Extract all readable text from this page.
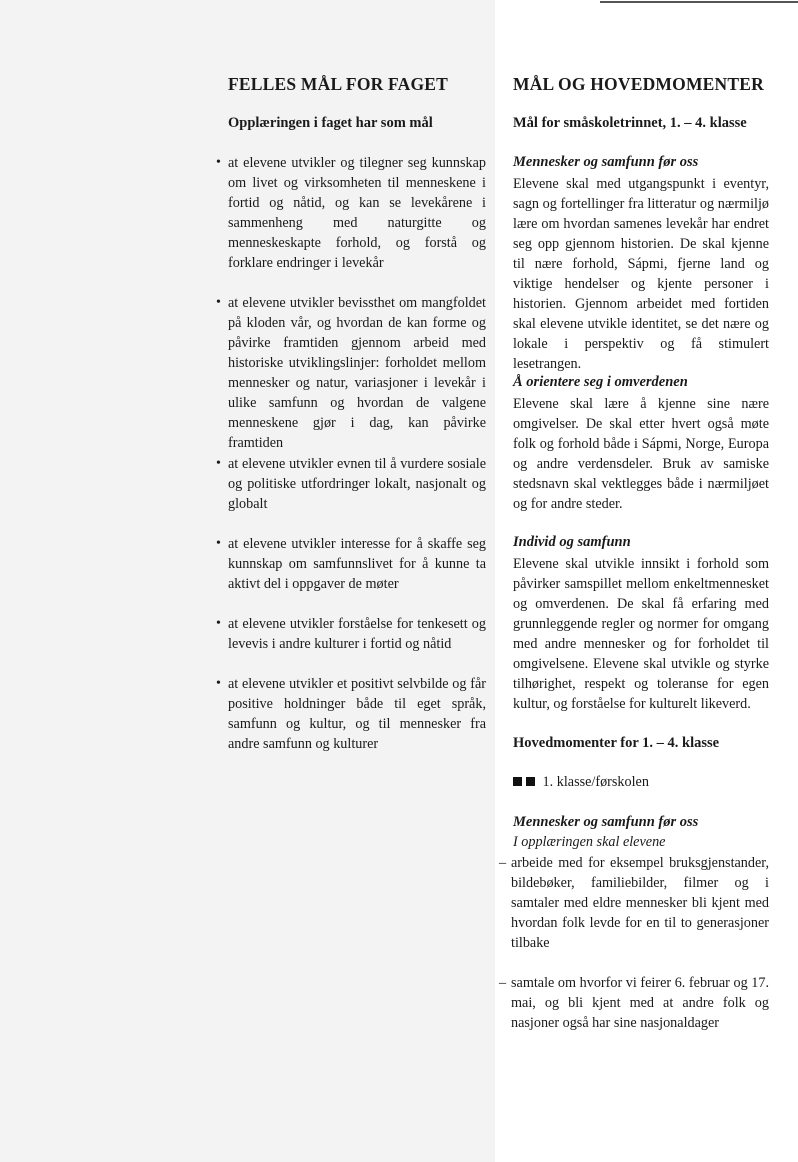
FELLES MÅL FOR FAGET
Opplæringen i faget har som mål
• at elevene utvikler og tilegner seg kunnskap om livet og virksomheten til menneskene i fortid og nåtid, og kan se levekårene i sammenheng med naturgitte og menneskeskapte forhold, og forstå og forklare endringer i levekår
• at elevene utvikler bevissthet om mangfoldet på kloden vår, og hvordan de kan forme og påvirke framtiden gjennom arbeid med historiske utviklingslinjer: forholdet mellom mennesker og natur, variasjoner i levekår i ulike samfunn og hvordan de valgene menneskene gjør i dag, kan påvirke framtiden
• at elevene utvikler evnen til å vurdere sosiale og politiske utfordringer lokalt, nasjonalt og globalt
• at elevene utvikler interesse for å skaffe seg kunnskap om samfunnslivet for å kunne ta aktivt del i oppgaver de møter
• at elevene utvikler forståelse for tenkesett og levevis i andre kulturer i fortid og nåtid
• at elevene utvikler et positivt selvbilde og får positive holdninger både til eget språk, samfunn og kultur, og til mennesker fra andre samfunn og kulturer
MÅL OG HOVEDMOMENTER
Mål for småskoletrinnet, 1. – 4. klasse
Mennesker og samfunn før oss
Elevene skal med utgangspunkt i eventyr, sagn og fortellinger fra litteratur og nærmiljø lære om hvordan samenes levekår har endret seg opp gjennom historien. De skal kjenne til nære forhold, Sápmi, fjerne land og viktige hendelser og kjente personer i historien. Gjennom arbeidet med fortiden skal elevene utvikle identitet, se det nære og lokale i perspektiv og få stimulert lesetrangen.
Å orientere seg i omverdenen
Elevene skal lære å kjenne sine nære omgivelser. De skal etter hvert også møte folk og forhold både i Sápmi, Norge, Europa og andre verdensdeler. Bruk av samiske stedsnavn skal vektlegges både i nærmiljøet og for andre steder.
Individ og samfunn
Elevene skal utvikle innsikt i forhold som påvirker samspillet mellom enkeltmennesket og omverdenen. De skal få erfaring med grunnleggende regler og normer for omgang med andre mennesker og for forholdet til omgivelsene. Elevene skal utvikle og styrke tilhørighet, respekt og toleranse for egen kultur, og forståelse for kulturelt likeverd.
Hovedmomenter for 1. – 4. klasse
1. klasse/førskolen
Mennesker og samfunn før oss
I opplæringen skal elevene
– arbeide med for eksempel bruksgjenstander, bildebøker, familiebilder, filmer og i samtaler med eldre mennesker bli kjent med hvordan folk levde for en til to generasjoner tilbake
– samtale om hvorfor vi feirer 6. februar og 17. mai, og bli kjent med at andre folk og nasjoner også har sine nasjonaldager
